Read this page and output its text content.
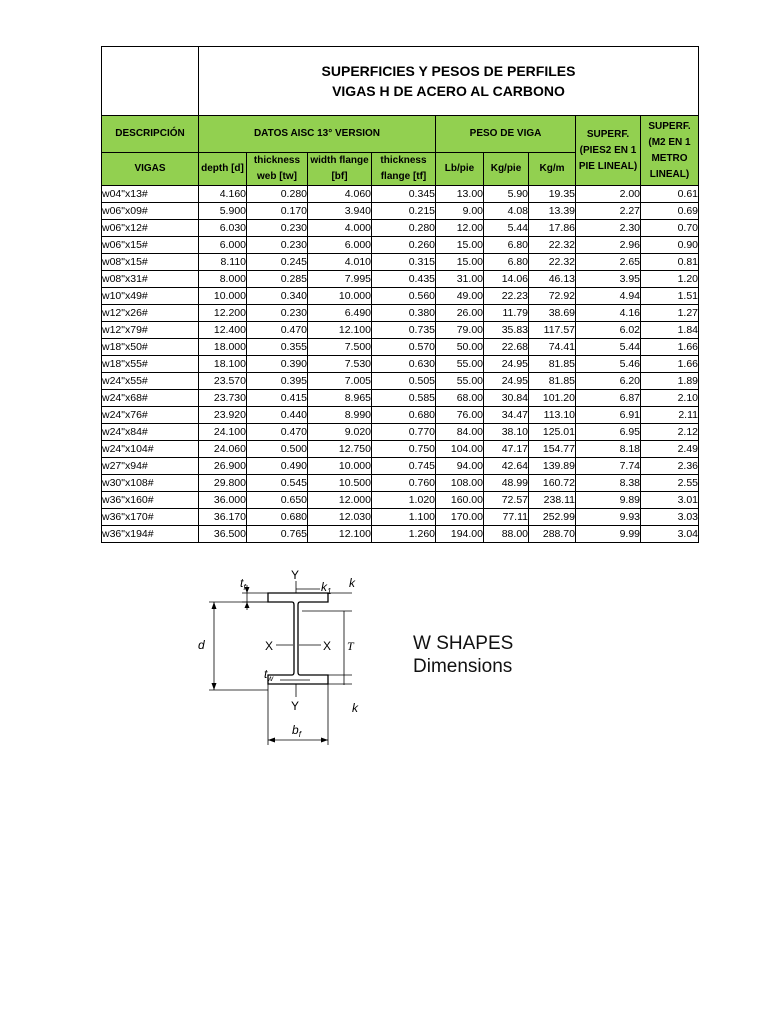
	SUPERFICIES Y PESOS DE PERFILES
VIGAS H DE ACERO AL CARBONO								

DESCRIPCIÓN	DATOS AISC 13° VERSION				PESO DE VIGA			SUPERF. (PIES2 EN 1 PIE LINEAL)	SUPERF. (M2 EN 1 METRO LINEAL)
VIGAS	depth [d]	thickness web [tw]	width flange [bf]	thickness flange [tf]	Lb/pie	Kg/pie	Kg/m		
w04"x13#	4.160	0.280	4.060	0.345	13.00	5.90	19.35	2.00	0.61
w06"x09#	5.900	0.170	3.940	0.215	9.00	4.08	13.39	2.27	0.69
w06"x12#	6.030	0.230	4.000	0.280	12.00	5.44	17.86	2.30	0.70
w06"x15#	6.000	0.230	6.000	0.260	15.00	6.80	22.32	2.96	0.90
w08"x15#	8.110	0.245	4.010	0.315	15.00	6.80	22.32	2.65	0.81
w08"x31#	8.000	0.285	7.995	0.435	31.00	14.06	46.13	3.95	1.20
w10"x49#	10.000	0.340	10.000	0.560	49.00	22.23	72.92	4.94	1.51
w12"x26#	12.200	0.230	6.490	0.380	26.00	11.79	38.69	4.16	1.27
w12"x79#	12.400	0.470	12.100	0.735	79.00	35.83	117.57	6.02	1.84
w18"x50#	18.000	0.355	7.500	0.570	50.00	22.68	74.41	5.44	1.66
w18"x55#	18.100	0.390	7.530	0.630	55.00	24.95	81.85	5.46	1.66
w24"x55#	23.570	0.395	7.005	0.505	55.00	24.95	81.85	6.20	1.89
w24"x68#	23.730	0.415	8.965	0.585	68.00	30.84	101.20	6.87	2.10
w24"x76#	23.920	0.440	8.990	0.680	76.00	34.47	113.10	6.91	2.11
w24"x84#	24.100	0.470	9.020	0.770	84.00	38.10	125.01	6.95	2.12
w24"x104#	24.060	0.500	12.750	0.750	104.00	47.17	154.77	8.18	2.49
w27"x94#	26.900	0.490	10.000	0.745	94.00	42.64	139.89	7.74	2.36
w30"x108#	29.800	0.545	10.500	0.760	108.00	48.99	160.72	8.38	2.55
w36"x160#	36.000	0.650	12.000	1.020	160.00	72.57	238.11	9.89	3.01
w36"x170#	36.170	0.680	12.030	1.100	170.00	77.11	252.99	9.93	3.03
w36"x194#	36.500	0.765	12.100	1.260	194.00	88.00	288.70	9.99	3.04
$t_f$
Y
$k_1$
k
d	X	X T
$t_w$
Y	k
$b_f$
W SHAPES
Dimensions
